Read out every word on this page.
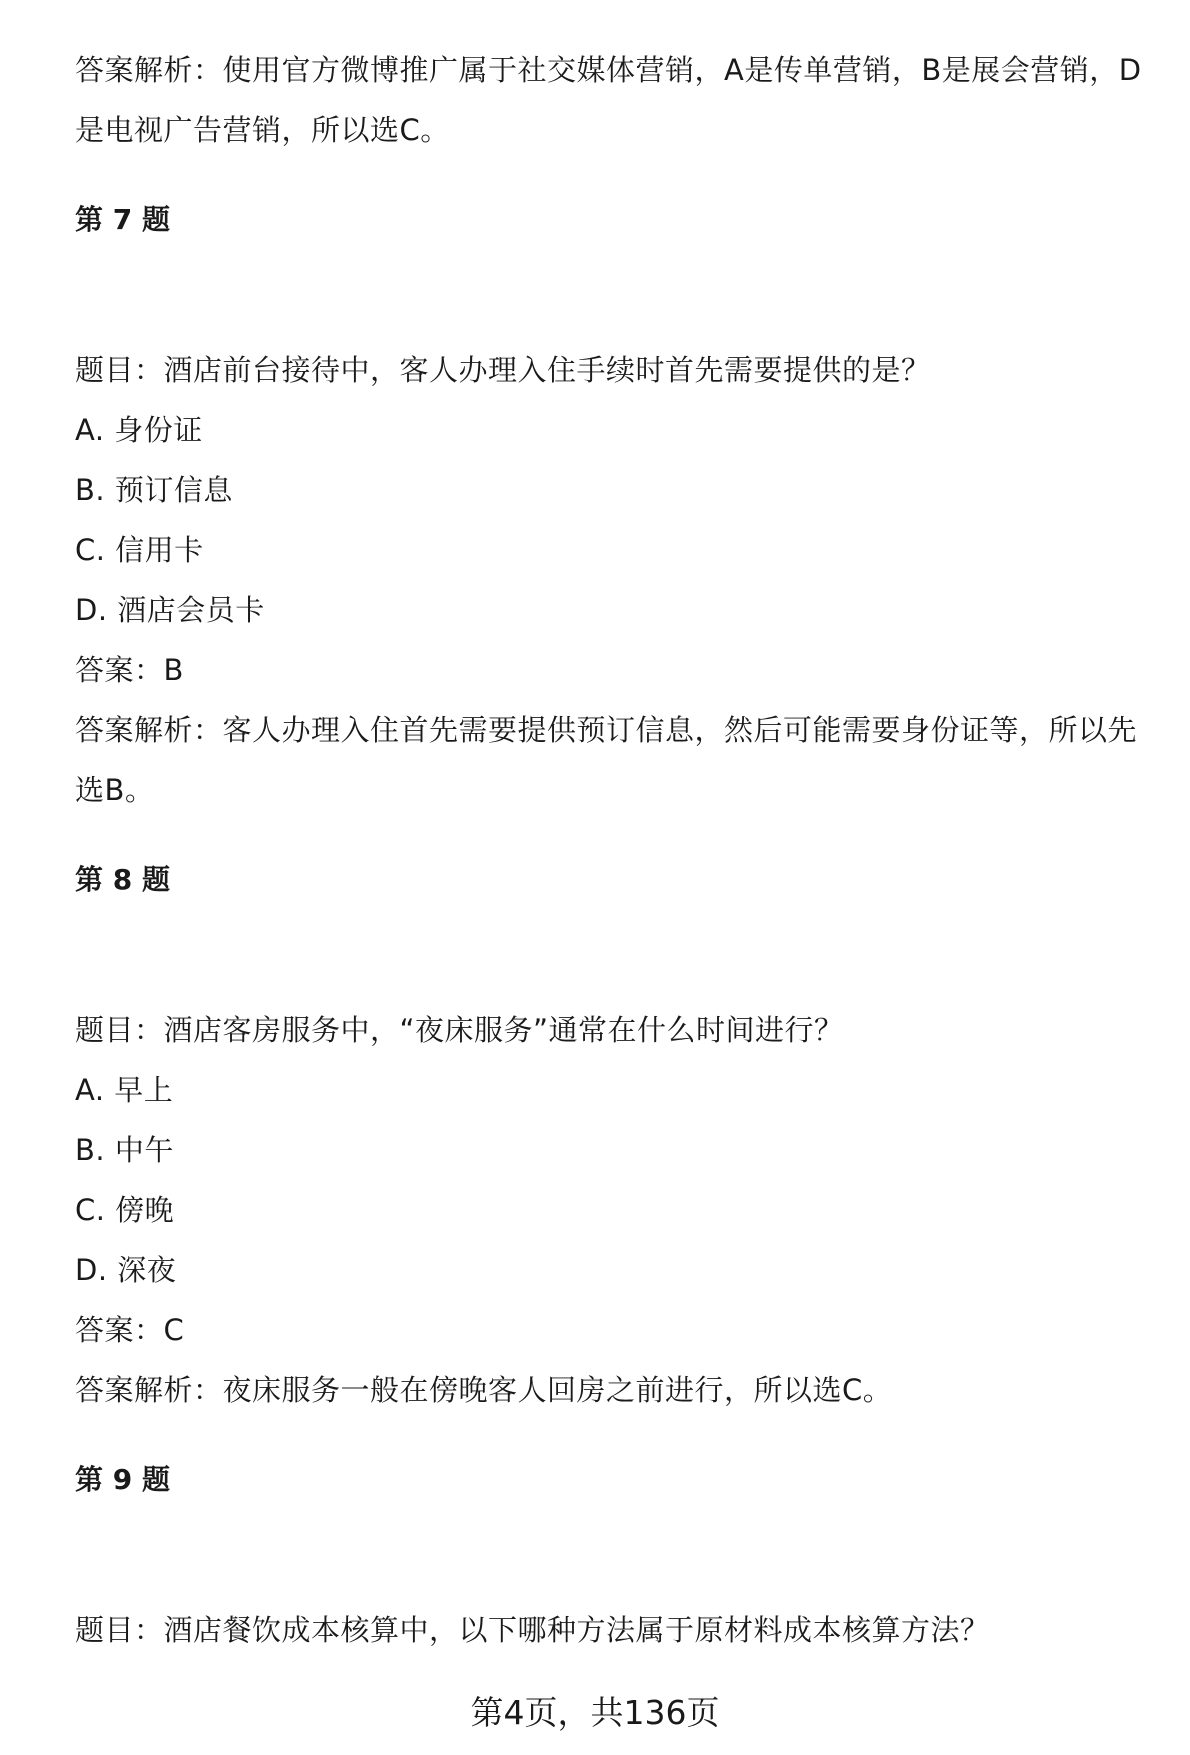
答案解析：使用官方微博推广属于社交媒体营销，A是传单营销，B是展会营销，D
是电视广告营销，所以选C。
第 7 题
题目：酒店前台接待中，客人办理入住手续时首先需要提供的是？
A. 身份证
B. 预订信息
C. 信用卡
D. 酒店会员卡
答案：B
答案解析：客人办理入住首先需要提供预订信息，然后可能需要身份证等，所以先
选B。
第 8 题
题目：酒店客房服务中，“夜床服务”通常在什么时间进行？
A. 早上
B. 中午
C. 傍晚
D. 深夜
答案：C
答案解析：夜床服务一般在傍晚客人回房之前进行，所以选C。
第 9 题
题目：酒店餐饮成本核算中，以下哪种方法属于原材料成本核算方法？
第4页，共136页
